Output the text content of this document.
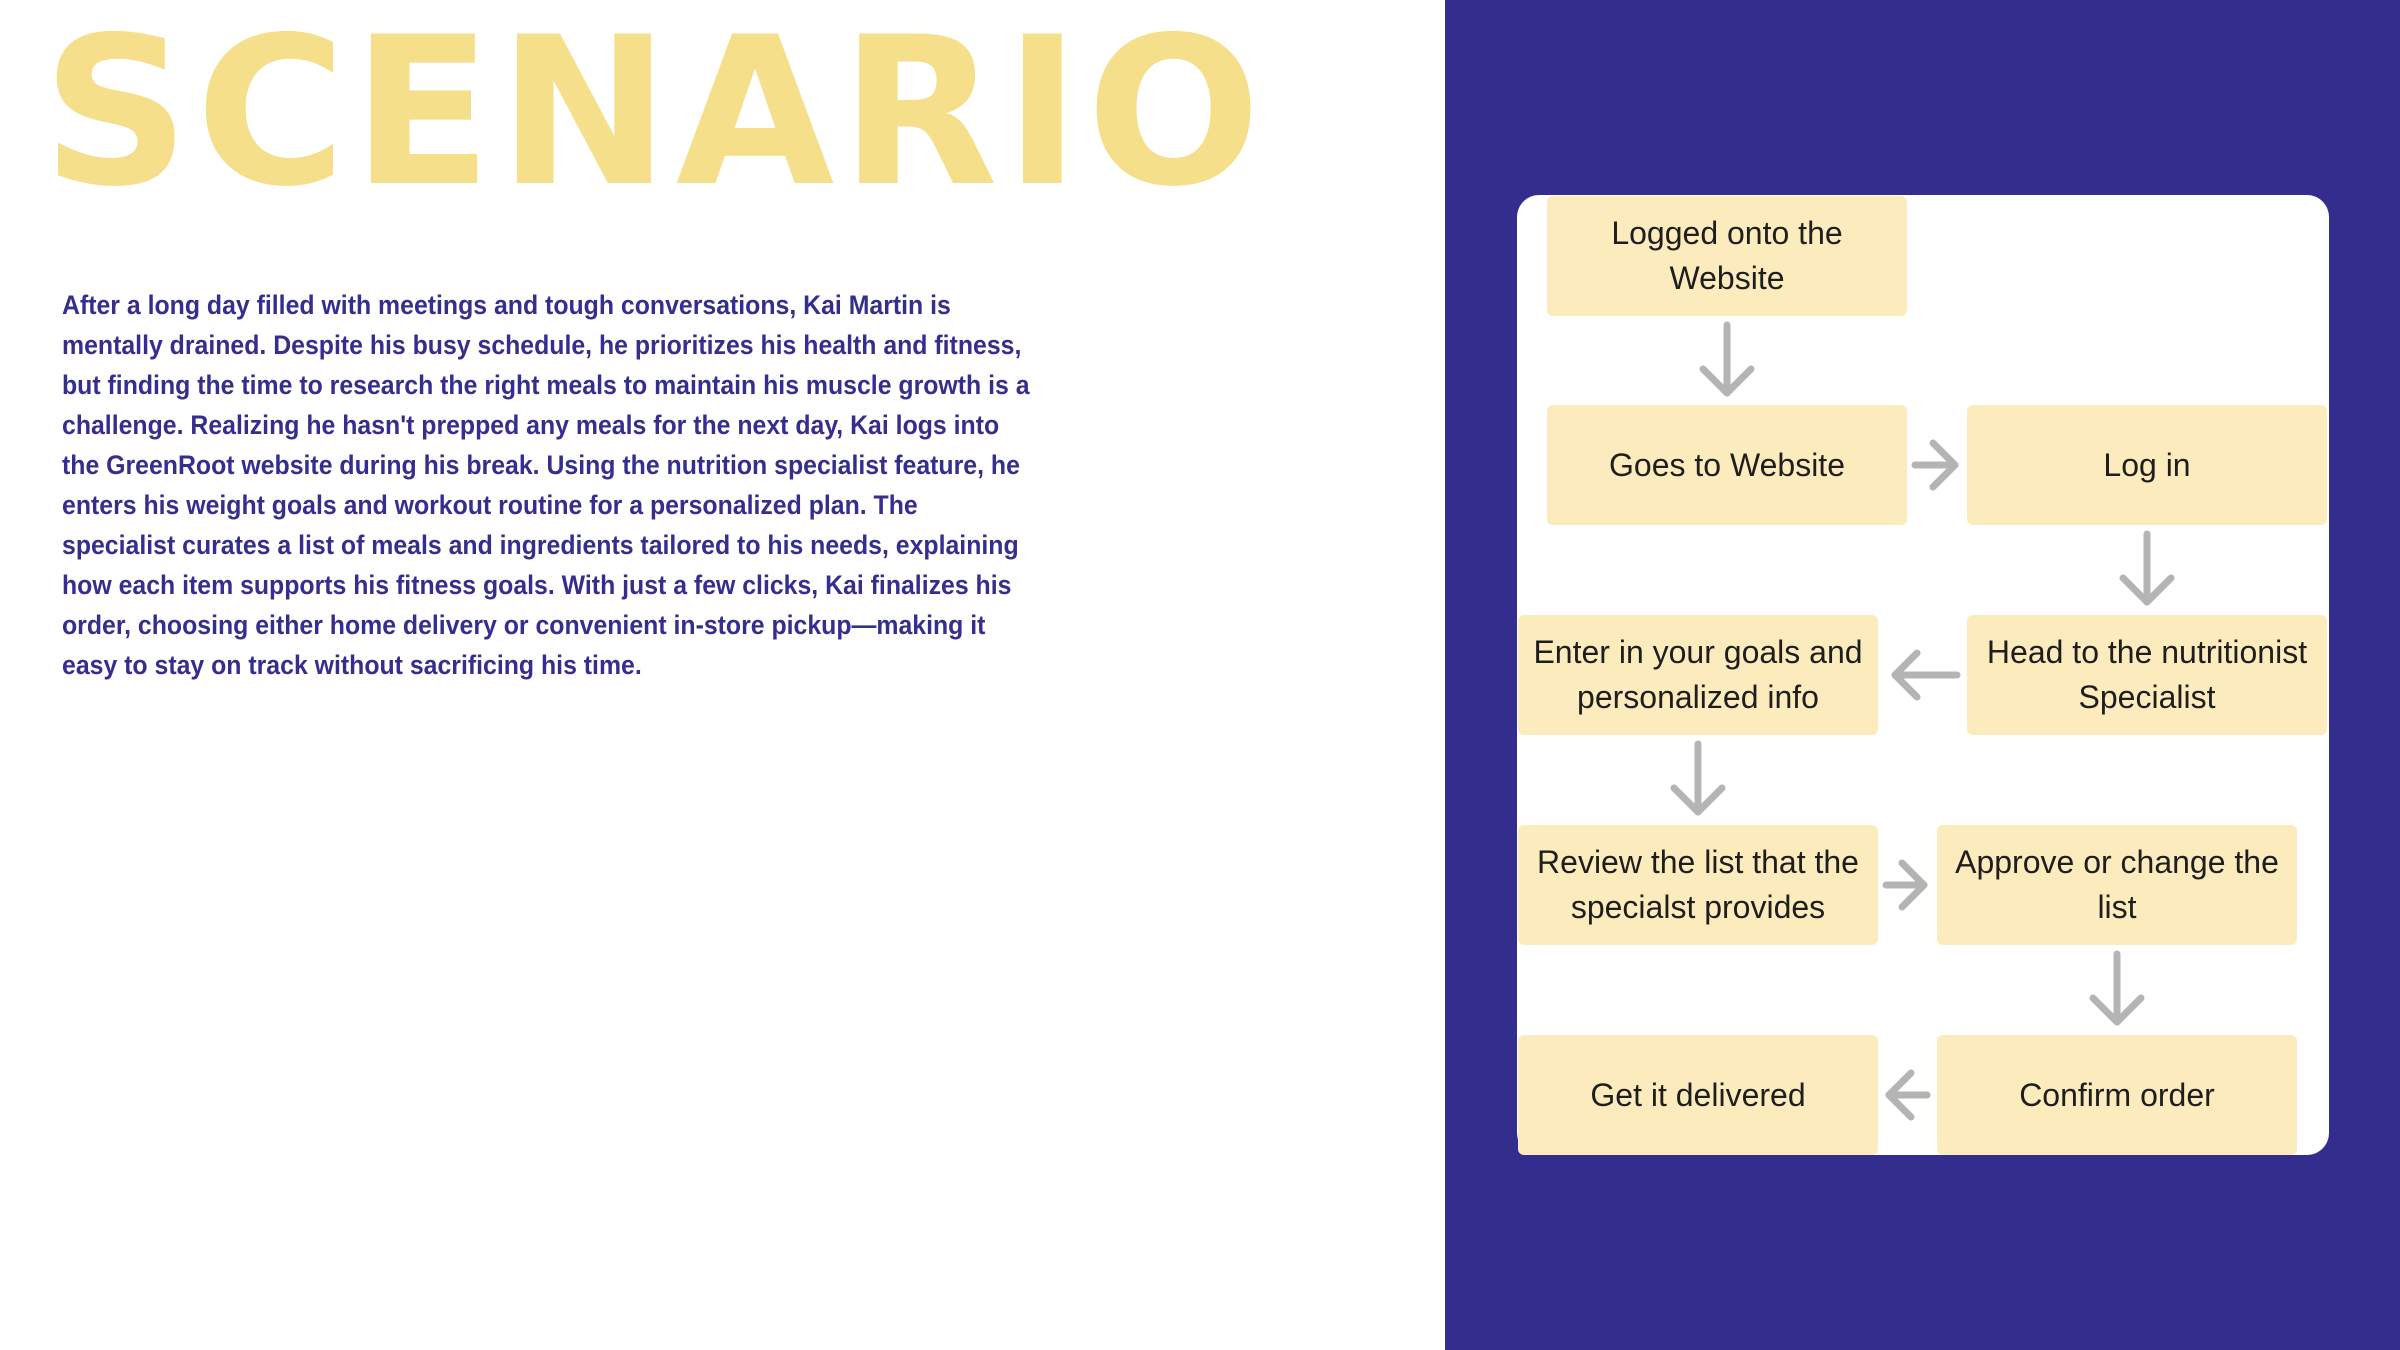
SCENARIO

After a long day filled with meetings and tough conversations, Kai Martin is mentally drained. Despite his busy schedule, he prioritizes his health and fitness, but finding the time to research the right meals to maintain his muscle growth is a challenge. Realizing he hasn't prepped any meals for the next day, Kai logs into the GreenRoot website during his break. Using the nutrition specialist feature, he enters his weight goals and workout routine for a personalized plan. The specialist curates a list of meals and ingredients tailored to his needs, explaining how each item supports his fitness goals. With just a few clicks, Kai finalizes his order, choosing either home delivery or convenient in-store pickup—making it easy to stay on track without sacrificing his time.

Logged onto the Website
Goes to Website	Log in
Head to the nutritionist Specialist
Enter in your goals and personalized info
Review the list that the specialst provides
Approve or change the list
Confirm order
Get it delivered
